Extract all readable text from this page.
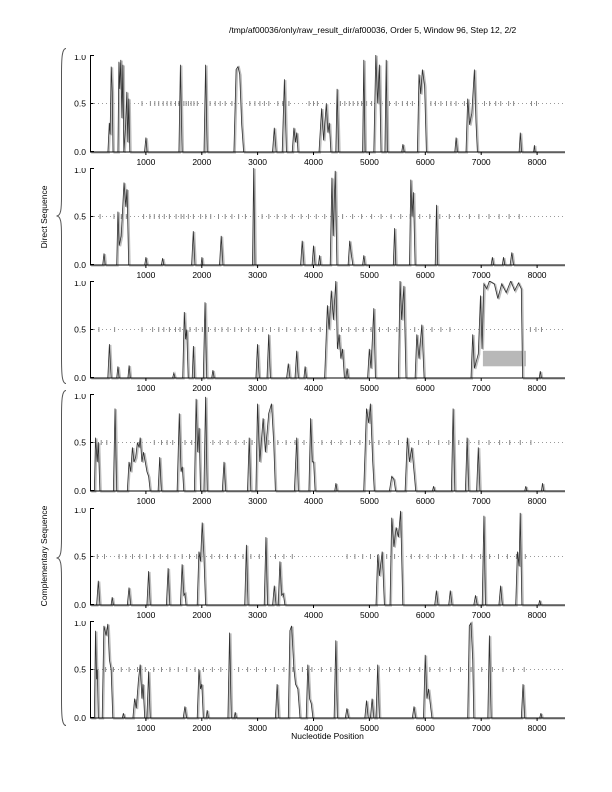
/tmp/af00036/only/raw_result_dir/af00036, Order 5, Window 96, Step 12, 2/2
Direct Sequence
Complementary Sequence
1000	2000	3000	4000	5000	6000	7000	8000
1.0
0.5
0.0
1000	2000	3000	4000	5000	6000	7000	8000
1.0
0.5
0.0
1000	2000	3000	4000	5000	6000	7000	8000
1.0
0.5
0.0
1000	2000	3000	4000	5000	6000	7000	8000
1.0
0.5
0.0
1000	2000	3000	4000	5000	6000	7000	8000
1.0
0.5
0.0
1000	2000	3000	4000	5000	6000	7000	8000
1.0
0.5
0.0
Nucleotide Position
